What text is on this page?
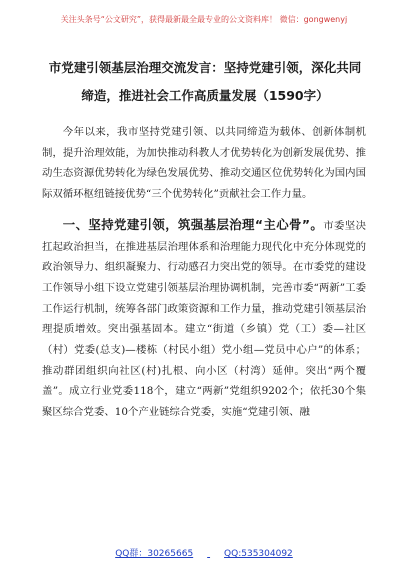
关注头条号“公文研究”，获得最新最全最专业的公文资料库！ 微信：gongwenyj
市党建引领基层治理交流发言：坚持党建引领，深化共同
缔造，推进社会工作高质量发展（1590字）

今年以来，我市坚持党建引领、以共同缔造为载体、创新体制机制，提升治理效能，为加快推动科教人才优势转化为创新发展优势、推动生态资源优势转化为绿色发展优势、推动交通区位优势转化为国内国际双循环枢纽链接优势“三个优势转化”贡献社会工作力量。

一、坚持党建引领，筑强基层治理“主心骨”。市委坚决扛起政治担当，在推进基层治理体系和治理能力现代化中充分体现党的政治领导力、组织凝聚力、行动感召力突出党的领导。在市委党的建设工作领导小组下设立党建引领基层治理协调机制，完善市委“两新”工委工作运行机制，统筹各部门政策资源和工作力量，推动党建引领基层治理提质增效。突出强基固本。建立“街道（乡镇）党（工）委—社区（村）党委(总支)—楼栋（村民小组）党小组—党员中心户”的体系；推动群团组织向社区(村)扎根、向小区（村湾）延伸。突出“两个覆盖”。成立行业党委118个，建立“两新”党组织9202个；依托30个集聚区综合党委、10个产业链综合党委，实施“党建引领、融

QQ群：30265665	QQ:535304092
